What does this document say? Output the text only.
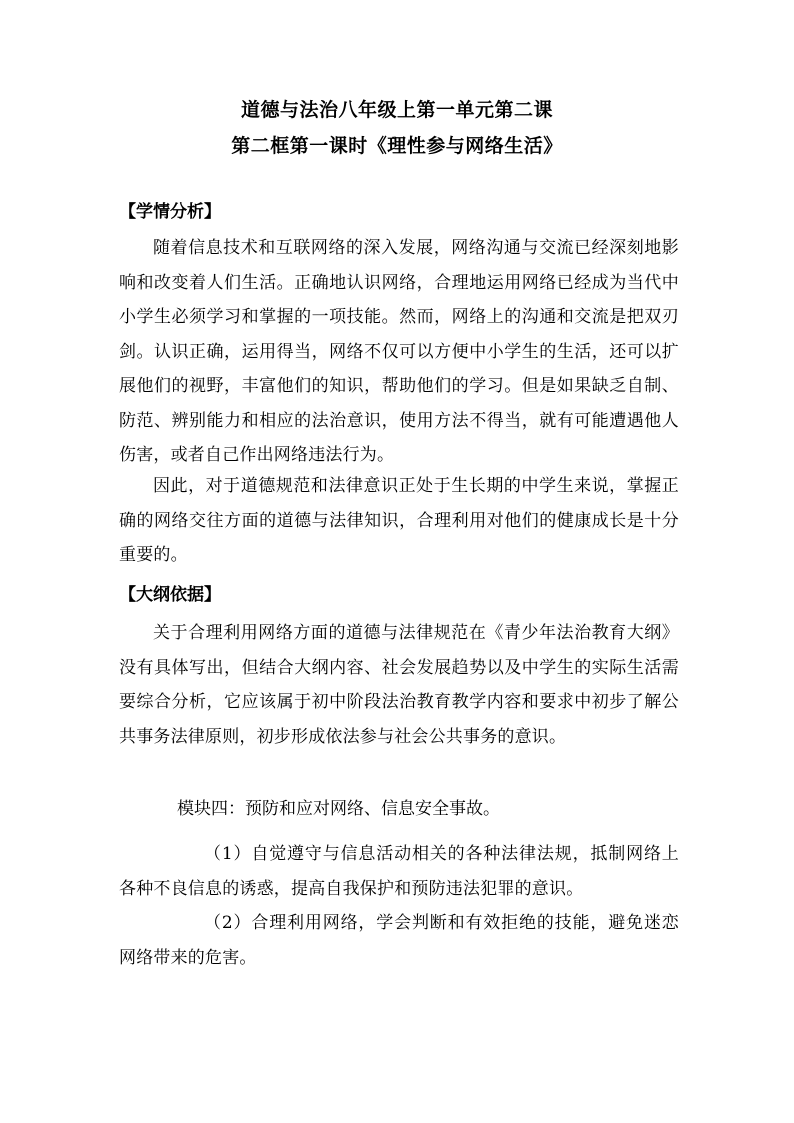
道德与法治八年级上第一单元第二课
第二框第一课时《理性参与网络生活》
【学情分析】
随着信息技术和互联网络的深入发展，网络沟通与交流已经深刻地影响和改变着人们生活。正确地认识网络，合理地运用网络已经成为当代中小学生必须学习和掌握的一项技能。然而，网络上的沟通和交流是把双刃剑。认识正确，运用得当，网络不仅可以方便中小学生的生活，还可以扩展他们的视野，丰富他们的知识，帮助他们的学习。但是如果缺乏自制、防范、辨别能力和相应的法治意识，使用方法不得当，就有可能遭遇他人伤害，或者自己作出网络违法行为。
因此，对于道德规范和法律意识正处于生长期的中学生来说，掌握正确的网络交往方面的道德与法律知识，合理利用对他们的健康成长是十分重要的。
【大纲依据】
关于合理利用网络方面的道德与法律规范在《青少年法治教育大纲》没有具体写出，但结合大纲内容、社会发展趋势以及中学生的实际生活需要综合分析，它应该属于初中阶段法治教育教学内容和要求中初步了解公共事务法律原则，初步形成依法参与社会公共事务的意识。
模块四：预防和应对网络、信息安全事故。
（1）自觉遵守与信息活动相关的各种法律法规，抵制网络上各种不良信息的诱惑，提高自我保护和预防违法犯罪的意识。
（2）合理利用网络，学会判断和有效拒绝的技能，避免迷恋网络带来的危害。
